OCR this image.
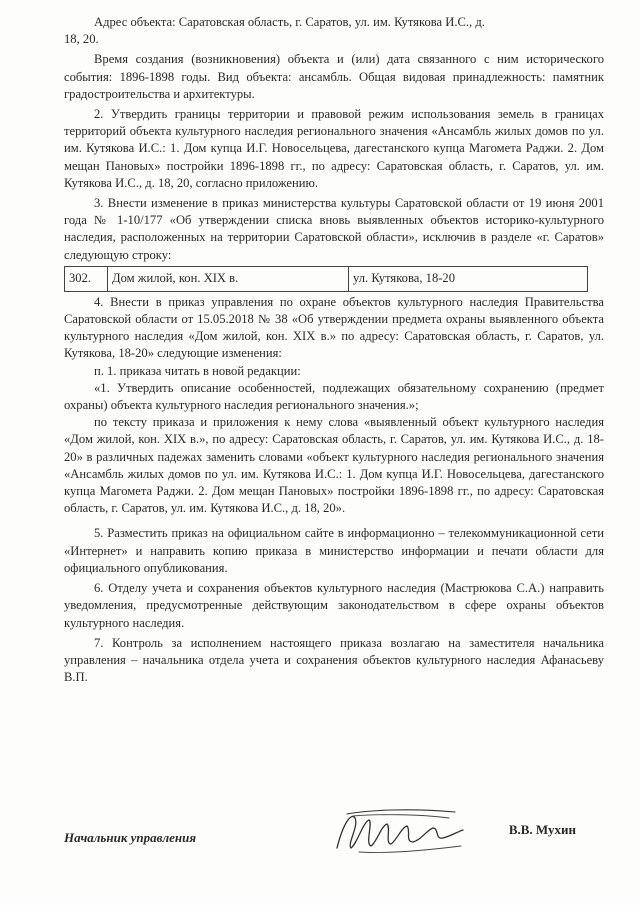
Адрес объекта: Саратовская область, г. Саратов, ул. им. Кутякова И.С., д.

18, 20.

Время создания (возникновения) объекта и (или) дата связанного с ним исторического события: 1896-1898 годы. Вид объекта: ансамбль. Общая видовая принадлежность: памятник градостроительства и архитектуры.

2. Утвердить границы территории и правовой режим использования земель в границах территорий объекта культурного наследия регионального значения «Ансамбль жилых домов по ул. им. Кутякова И.С.: 1. Дом купца И.Г. Новосельцева, дагестанского купца Магомета Раджи. 2. Дом мещан Пановых» постройки 1896-1898 гг., по адресу: Саратовская область, г. Саратов, ул. им. Кутякова И.С., д. 18, 20, согласно приложению.

3. Внести изменение в приказ министерства культуры Саратовской области от 19 июня 2001 года № 1-10/177 «Об утверждении списка вновь выявленных объектов историко-культурного наследия, расположенных на территории Саратовской области», исключив в разделе «г. Саратов» следующую строку:

302.	Дом жилой, кон. XIX в.	ул. Кутякова, 18-20

4. Внести в приказ управления по охране объектов культурного наследия Правительства Саратовской области от 15.05.2018 № 38 «Об утверждении предмета охраны выявленного объекта культурного наследия «Дом жилой, кон. XIX в.» по адресу: Саратовская область, г. Саратов, ул. Кутякова, 18-20» следующие изменения:

п. 1. приказа читать в новой редакции:

«1. Утвердить описание особенностей, подлежащих обязательному сохранению (предмет охраны) объекта культурного наследия регионального значения.»;

по тексту приказа и приложения к нему слова «выявленный объект культурного наследия «Дом жилой, кон. XIX в.», по адресу: Саратовская область, г. Саратов, ул. им. Кутякова И.С., д. 18-20» в различных падежах заменить словами «объект культурного наследия регионального значения «Ансамбль жилых домов по ул. им. Кутякова И.С.: 1. Дом купца И.Г. Новосельцева, дагестанского купца Магомета Раджи. 2. Дом мещан Пановых» постройки 1896-1898 гг., по адресу: Саратовская область, г. Саратов, ул. им. Кутякова И.С., д. 18, 20».

5. Разместить приказ на официальном сайте в информационно – телекоммуникационной сети «Интернет» и направить копию приказа в министерство информации и печати области для официального опубликования.

6. Отделу учета и сохранения объектов культурного наследия (Мастрюкова С.А.) направить уведомления, предусмотренные действующим законодательством в сфере охраны объектов культурного наследия.

7. Контроль за исполнением настоящего приказа возлагаю на заместителя начальника управления – начальника отдела учета и сохранения объектов культурного наследия Афанасьеву В.П.

Начальник управления
В.В. Мухин
